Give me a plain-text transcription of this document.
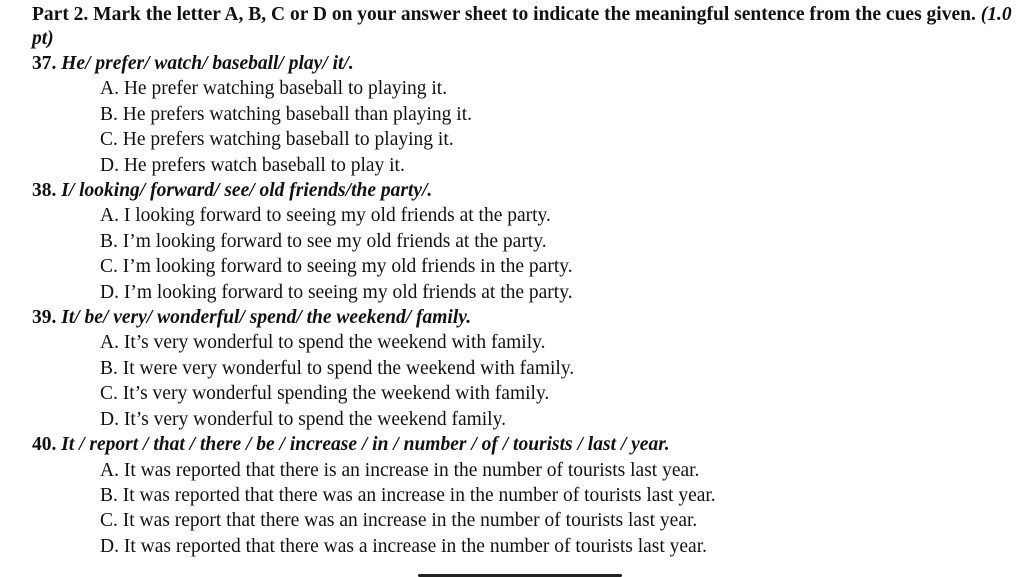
Part 2. Mark the letter A, B, C or D on your answer sheet to indicate the meaningful sentence from the cues given. (1.0 pt)

37. He/ prefer/ watch/ baseball/ play/ it/.

A. He prefer watching baseball to playing it.

B. He prefers watching baseball than playing it.

C. He prefers watching baseball to playing it.

D. He prefers watch baseball to play it.

38. I/ looking/ forward/ see/ old friends/the party/.

A. I looking forward to seeing my old friends at the party.

B. I’m looking forward to see my old friends at the party.

C. I’m looking forward to seeing my old friends in the party.

D. I’m looking forward to seeing my old friends at the party.

39. It/ be/ very/ wonderful/ spend/ the weekend/ family.

A. It’s very wonderful to spend the weekend with family.

B. It were very wonderful to spend the weekend with family.

C. It’s very wonderful spending the weekend with family.

D. It’s very wonderful to spend the weekend family.

40. It / report / that / there / be / increase / in / number / of / tourists / last / year.

A. It was reported that there is an increase in the number of tourists last year.

B. It was reported that there was an increase in the number of tourists last year.

C. It was report that there was an increase in the number of tourists last year.

D. It was reported that there was a increase in the number of tourists last year.
